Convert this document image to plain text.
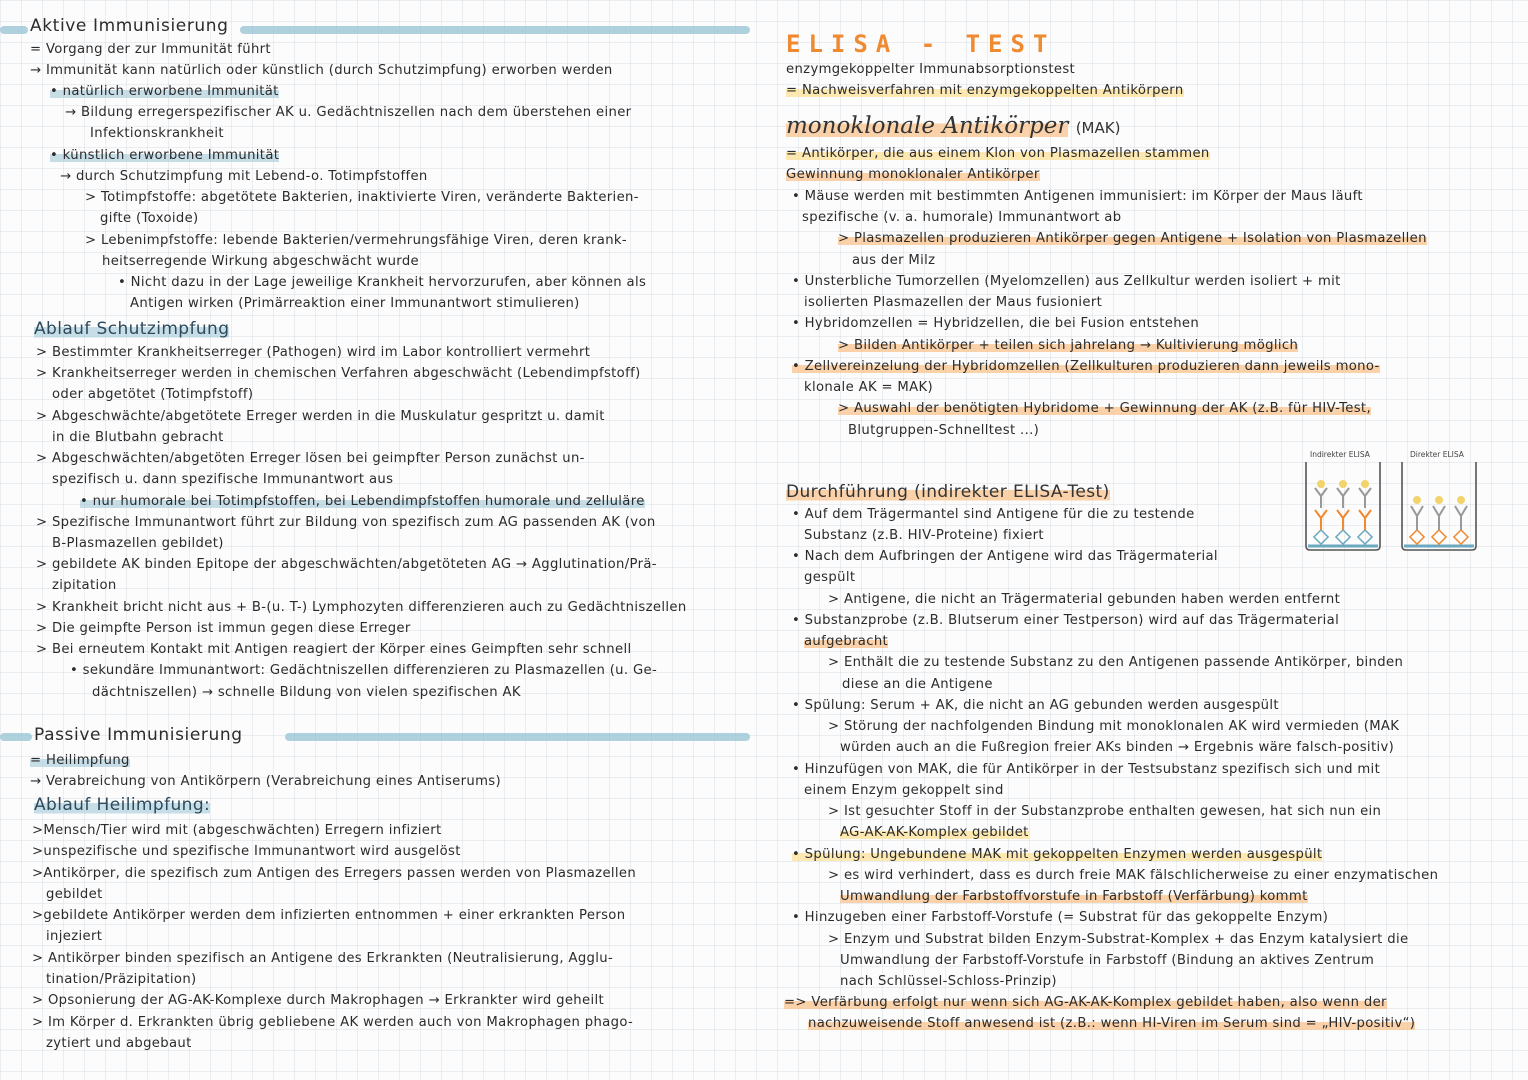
Aktive Immunisierung
= Vorgang der zur Immunität führt
→ Immunität kann natürlich oder künstlich (durch Schutzimpfung) erworben werden
• natürlich erworbene Immunität
→ Bildung erregerspezifischer AK u. Gedächtniszellen nach dem überstehen einer
Infektionskrankheit
• künstlich erworbene Immunität
→ durch Schutzimpfung mit Lebend-o. Totimpfstoffen
> Totimpfstoffe: abgetötete Bakterien, inaktivierte Viren, veränderte Bakterien-
gifte (Toxoide)
> Lebenimpfstoffe: lebende Bakterien/vermehrungsfähige Viren, deren krank-
heitserregende Wirkung abgeschwächt wurde
• Nicht dazu in der Lage jeweilige Krankheit hervorzurufen, aber können als
Antigen wirken (Primärreaktion einer Immunantwort stimulieren)
Ablauf Schutzimpfung
> Bestimmter Krankheitserreger (Pathogen) wird im Labor kontrolliert vermehrt
> Krankheitserreger werden in chemischen Verfahren abgeschwächt (Lebendimpfstoff)
oder abgetötet (Totimpfstoff)
> Abgeschwächte/abgetötete Erreger werden in die Muskulatur gespritzt u. damit
in die Blutbahn gebracht
> Abgeschwächten/abgetöten Erreger lösen bei geimpfter Person zunächst un-
spezifisch u. dann spezifische Immunantwort aus
• nur humorale bei Totimpfstoffen, bei Lebendimpfstoffen humorale und zelluläre
> Spezifische Immunantwort führt zur Bildung von spezifisch zum AG passenden AK (von
B-Plasmazellen gebildet)
> gebildete AK binden Epitope der abgeschwächten/abgetöteten AG → Agglutination/Prä-
zipitation
> Krankheit bricht nicht aus + B-(u. T-) Lymphozyten differenzieren auch zu Gedächtniszellen
> Die geimpfte Person ist immun gegen diese Erreger
> Bei erneutem Kontakt mit Antigen reagiert der Körper eines Geimpften sehr schnell
• sekundäre Immunantwort: Gedächtniszellen differenzieren zu Plasmazellen (u. Ge-
dächtniszellen) → schnelle Bildung von vielen spezifischen AK
Passive Immunisierung
= Heilimpfung
→ Verabreichung von Antikörpern (Verabreichung eines Antiserums)
Ablauf Heilimpfung:
>Mensch/Tier wird mit (abgeschwächten) Erregern infiziert
>unspezifische und spezifische Immunantwort wird ausgelöst
>Antikörper, die spezifisch zum Antigen des Erregers passen werden von Plasmazellen
gebildet
>gebildete Antikörper werden dem infizierten entnommen + einer erkrankten Person
injeziert
> Antikörper binden spezifisch an Antigene des Erkrankten (Neutralisierung, Agglu-
tination/Präzipitation)
> Opsonierung der AG-AK-Komplexe durch Makrophagen → Erkrankter wird geheilt
> Im Körper d. Erkrankten übrig gebliebene AK werden auch von Makrophagen phago-
zytiert und abgebaut
ELISA - TEST
enzymgekoppelter Immunabsorptionstest
= Nachweisverfahren mit enzymgekoppelten Antikörpern
monoklonale Antikörper (MAK)
= Antikörper, die aus einem Klon von Plasmazellen stammen
Gewinnung monoklonaler Antikörper
• Mäuse werden mit bestimmten Antigenen immunisiert: im Körper der Maus läuft
spezifische (v. a. humorale) Immunantwort ab
> Plasmazellen produzieren Antikörper gegen Antigene + Isolation von Plasmazellen
aus der Milz
• Unsterbliche Tumorzellen (Myelomzellen) aus Zellkultur werden isoliert + mit
isolierten Plasmazellen der Maus fusioniert
• Hybridomzellen = Hybridzellen, die bei Fusion entstehen
> Bilden Antikörper + teilen sich jahrelang → Kultivierung möglich
• Zellvereinzelung der Hybridomzellen (Zellkulturen produzieren dann jeweils mono-
klonale AK = MAK)
> Auswahl der benötigten Hybridome + Gewinnung der AK (z.B. für HIV-Test,
Blutgruppen-Schnelltest ...)
Durchführung (indirekter ELISA-Test)
• Auf dem Trägermantel sind Antigene für die zu testende
Substanz (z.B. HIV-Proteine) fixiert
• Nach dem Aufbringen der Antigene wird das Trägermaterial
gespült
> Antigene, die nicht an Trägermaterial gebunden haben werden entfernt
• Substanzprobe (z.B. Blutserum einer Testperson) wird auf das Trägermaterial
aufgebracht
> Enthält die zu testende Substanz zu den Antigenen passende Antikörper, binden
diese an die Antigene
• Spülung: Serum + AK, die nicht an AG gebunden werden ausgespült
> Störung der nachfolgenden Bindung mit monoklonalen AK wird vermieden (MAK
würden auch an die Fußregion freier AKs binden → Ergebnis wäre falsch-positiv)
• Hinzufügen von MAK, die für Antikörper in der Testsubstanz spezifisch sich und mit
einem Enzym gekoppelt sind
> Ist gesuchter Stoff in der Substanzprobe enthalten gewesen, hat sich nun ein
AG-AK-AK-Komplex gebildet
• Spülung: Ungebundene MAK mit gekoppelten Enzymen werden ausgespült
> es wird verhindert, dass es durch freie MAK fälschlicherweise zu einer enzymatischen
Umwandlung der Farbstoffvorstufe in Farbstoff (Verfärbung) kommt
• Hinzugeben einer Farbstoff-Vorstufe (= Substrat für das gekoppelte Enzym)
> Enzym und Substrat bilden Enzym-Substrat-Komplex + das Enzym katalysiert die
Umwandlung der Farbstoff-Vorstufe in Farbstoff (Bindung an aktives Zentrum
nach Schlüssel-Schloss-Prinzip)
=> Verfärbung erfolgt nur wenn sich AG-AK-AK-Komplex gebildet haben, also wenn der
nachzuweisende Stoff anwesend ist (z.B.: wenn HI-Viren im Serum sind = „HIV-positiv“)
Indirekter ELISA	Direkter ELISA
